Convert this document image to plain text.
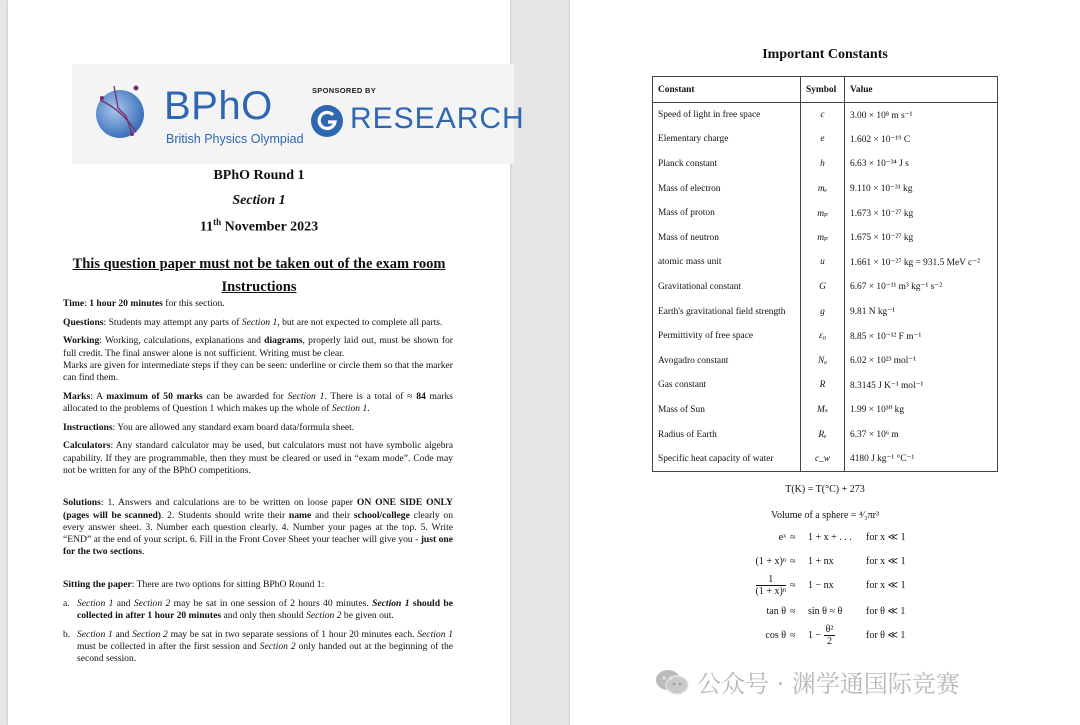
BPhO
British Physics Olympiad
SPONSORED BY
RESEARCH
BPhO Round 1
Section 1
11th November 2023
This question paper must not be taken out of the exam room
Instructions

Time: 1 hour 20 minutes for this section.

Questions: Students may attempt any parts of Section 1, but are not expected to complete all parts.

Working: Working, calculations, explanations and diagrams, properly laid out, must be shown for full credit. The final answer alone is not sufficient. Writing must be clear.
Marks are given for intermediate steps if they can be seen: underline or circle them so that the marker can find them.

Marks: A maximum of 50 marks can be awarded for Section 1. There is a total of ≈ 84 marks allocated to the problems of Question 1 which makes up the whole of Section 1.

Instructions: You are allowed any standard exam board data/formula sheet.

Calculators: Any standard calculator may be used, but calculators must not have symbolic algebra capability. If they are programmable, then they must be cleared or used in “exam mode”. Code may not be written for any of the BPhO competitions.

Solutions: 1. Answers and calculations are to be written on loose paper ON ONE SIDE ONLY (pages will be scanned). 2. Students should write their name and their school/college clearly on every answer sheet. 3. Number each question clearly. 4. Number your pages at the top. 5. Write “END” at the end of your script. 6. Fill in the Front Cover Sheet your teacher will give you - just one for the two sections.

Sitting the paper: There are two options for sitting BPhO Round 1:

a. Section 1 and Section 2 may be sat in one session of 2 hours 40 minutes. Section 1 should be collected in after 1 hour 20 minutes and only then should Section 2 be given out.

b. Section 1 and Section 2 may be sat in two separate sessions of 1 hour 20 minutes each. Section 1 must be collected in after the first session and Section 2 only handed out at the beginning of the second session.

Important Constants
Constant	Symbol	Value
Speed of light in free space	c	3.00 × 10⁸ m s⁻¹
Elementary charge	e	1.602 × 10⁻¹⁹ C
Planck constant	h	6.63 × 10⁻³⁴ J s
Mass of electron	mₑ	9.110 × 10⁻³¹ kg
Mass of proton	mₚ	1.673 × 10⁻²⁷ kg
Mass of neutron	mₚ	1.675 × 10⁻²⁷ kg
atomic mass unit	u	1.661 × 10⁻²⁷ kg = 931.5 MeV c⁻²
Gravitational constant	G	6.67 × 10⁻¹¹ m³ kg⁻¹ s⁻²
Earth's gravitational field strength	g	9.81 N kg⁻¹
Permittivity of free space	ε₀	8.85 × 10⁻¹² F m⁻¹
Avogadro constant	Nₐ	6.02 × 10²³ mol⁻¹
Gas constant	R	8.3145 J K⁻¹ mol⁻¹
Mass of Sun	Mₛ	1.99 × 10³⁰ kg
Radius of Earth	Rₑ	6.37 × 10⁶ m
Specific heat capacity of water	c_w	4180 J kg⁻¹ °C⁻¹
T(K) = T(°C) + 273
Volume of a sphere = ⁴⁄₃πr³
eˣ ≈ 1 + x + . . . for x ≪ 1
(1 + x)ⁿ ≈ 1 + nx	for x ≪ 1
$\frac{1}{\text{(1 + x)ⁿ}} \approx 1$ − nx	for x ≪ 1
tan θ ≈ sin θ ≈ θ for θ ≪ 1
$\cos \theta \approx 1 - \frac{\text{θ²}}{2}$	for θ ≪ 1
公众号 · 渊学通国际竞赛
